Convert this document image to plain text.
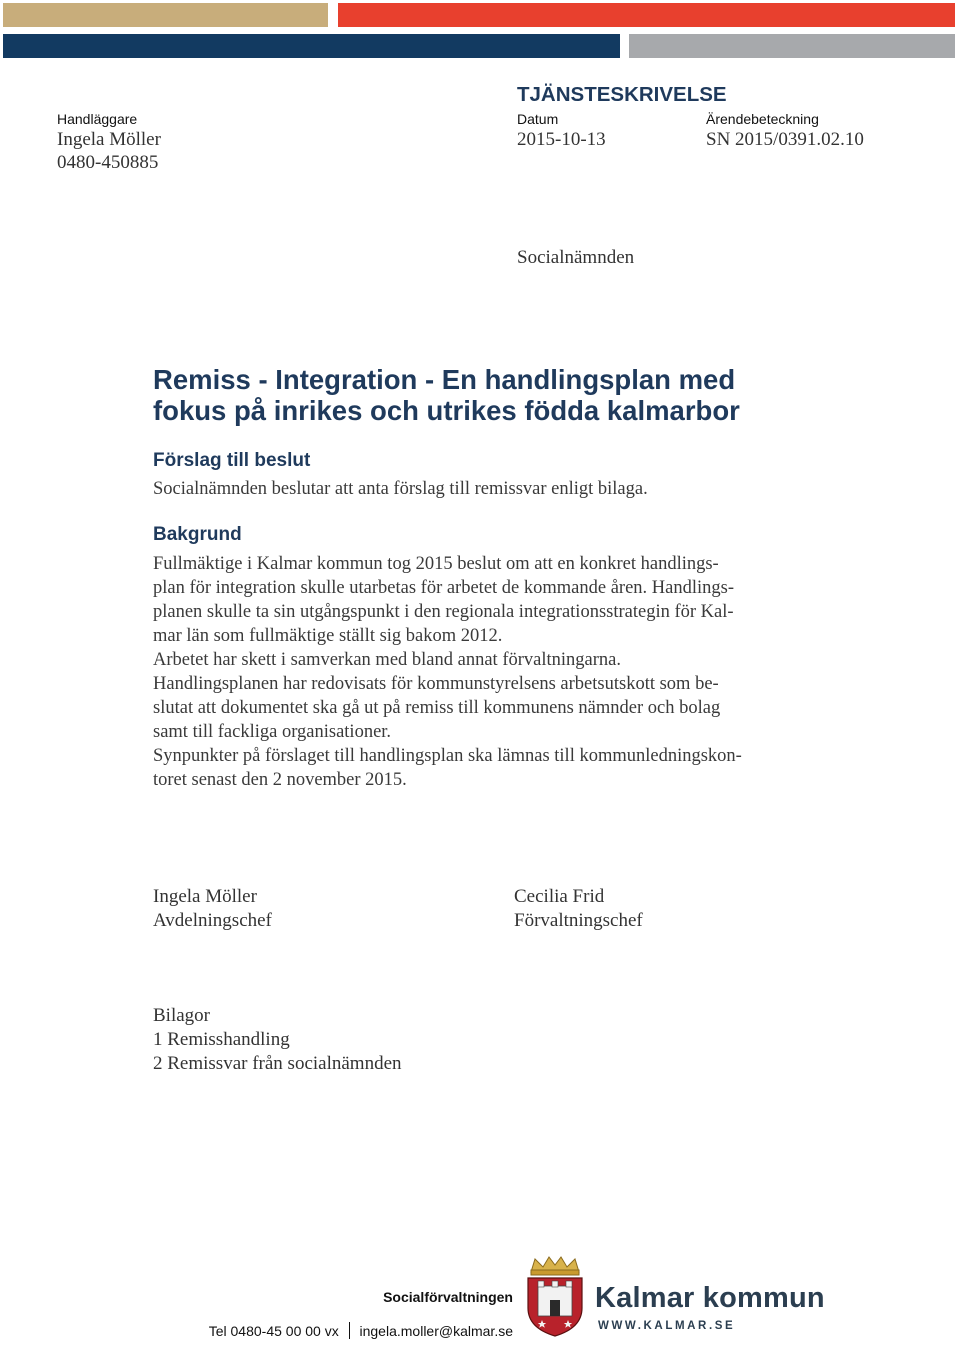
TJÄNSTESKRIVELSE
Handläggare
Ingela Möller
0480-450885
Datum
2015-10-13
Ärendebeteckning
SN 2015/0391.02.10
Socialnämnden
Remiss - Integration - En handlingsplan med
fokus på inrikes och utrikes födda kalmarbor
Förslag till beslut
Socialnämnden beslutar att anta förslag till remissvar enligt bilaga.
Bakgrund
Fullmäktige i Kalmar kommun tog 2015 beslut om att en konkret handlings-
plan för integration skulle utarbetas för arbetet de kommande åren. Handlings-
planen skulle ta sin utgångspunkt i den regionala integrationsstrategin för Kal-
mar län som fullmäktige ställt sig bakom 2012.
Arbetet har skett i samverkan med bland annat förvaltningarna.
Handlingsplanen har redovisats för kommunstyrelsens arbetsutskott som be-
slutat att dokumentet ska gå ut på remiss till kommunens nämnder och bolag
samt till fackliga organisationer.
Synpunkter på förslaget till handlingsplan ska lämnas till kommunledningskon-
toret senast den 2 november 2015.
Ingela Möller
Avdelningschef
Cecilia Frid
Förvaltningschef
Bilagor
1 Remisshandling
2 Remissvar från socialnämnden
Socialförvaltningen
Tel 0480-45 00 00 vx ingela.moller@kalmar.se
Kalmar kommun
WWW.KALMAR.SE
